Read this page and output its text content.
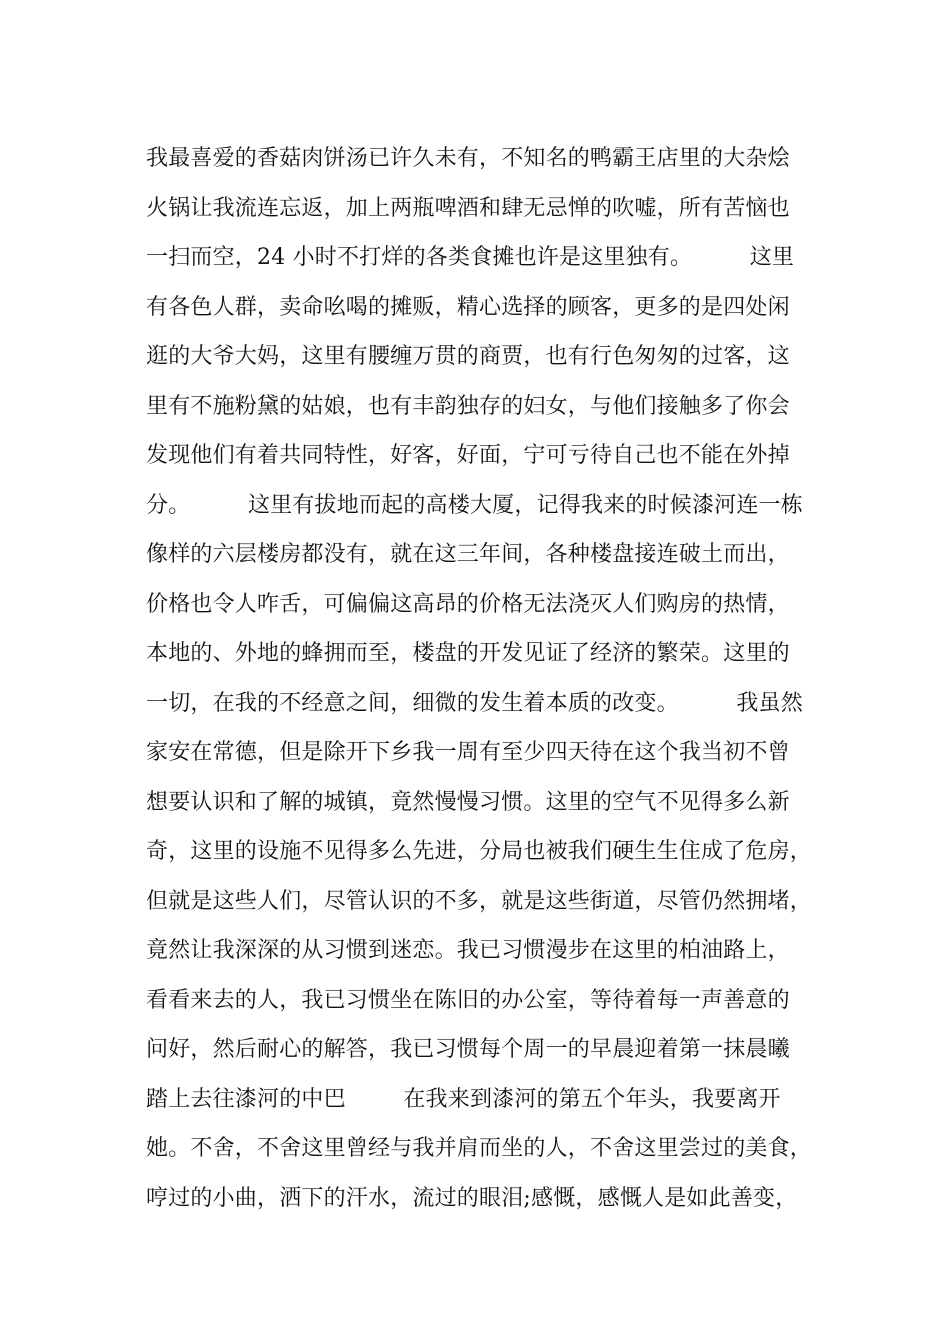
我最喜爱的香菇肉饼汤已许久未有，不知名的鸭霸王店里的大杂烩
火锅让我流连忘返，加上两瓶啤酒和肆无忌惮的吹嘘，所有苦恼也
一扫而空，24 小时不打烊的各类食摊也许是这里独有。        这里
有各色人群，卖命吆喝的摊贩，精心选择的顾客，更多的是四处闲
逛的大爷大妈，这里有腰缠万贯的商贾，也有行色匆匆的过客，这
里有不施粉黛的姑娘，也有丰韵独存的妇女，与他们接触多了你会
发现他们有着共同特性，好客，好面，宁可亏待自己也不能在外掉
分。        这里有拔地而起的高楼大厦，记得我来的时候漆河连一栋
像样的六层楼房都没有，就在这三年间，各种楼盘接连破土而出，
价格也令人咋舌，可偏偏这高昂的价格无法浇灭人们购房的热情，
本地的、外地的蜂拥而至，楼盘的开发见证了经济的繁荣。这里的
一切，在我的不经意之间，细微的发生着本质的改变。        我虽然
家安在常德，但是除开下乡我一周有至少四天待在这个我当初不曾
想要认识和了解的城镇，竟然慢慢习惯。这里的空气不见得多么新
奇，这里的设施不见得多么先进，分局也被我们硬生生住成了危房，
但就是这些人们，尽管认识的不多，就是这些街道，尽管仍然拥堵，
竟然让我深深的从习惯到迷恋。我已习惯漫步在这里的柏油路上，
看看来去的人，我已习惯坐在陈旧的办公室，等待着每一声善意的
问好，然后耐心的解答，我已习惯每个周一的早晨迎着第一抹晨曦
踏上去往漆河的中巴        在我来到漆河的第五个年头，我要离开
她。不舍，不舍这里曾经与我并肩而坐的人，不舍这里尝过的美食，
哼过的小曲，洒下的汗水，流过的眼泪;感慨，感慨人是如此善变，
